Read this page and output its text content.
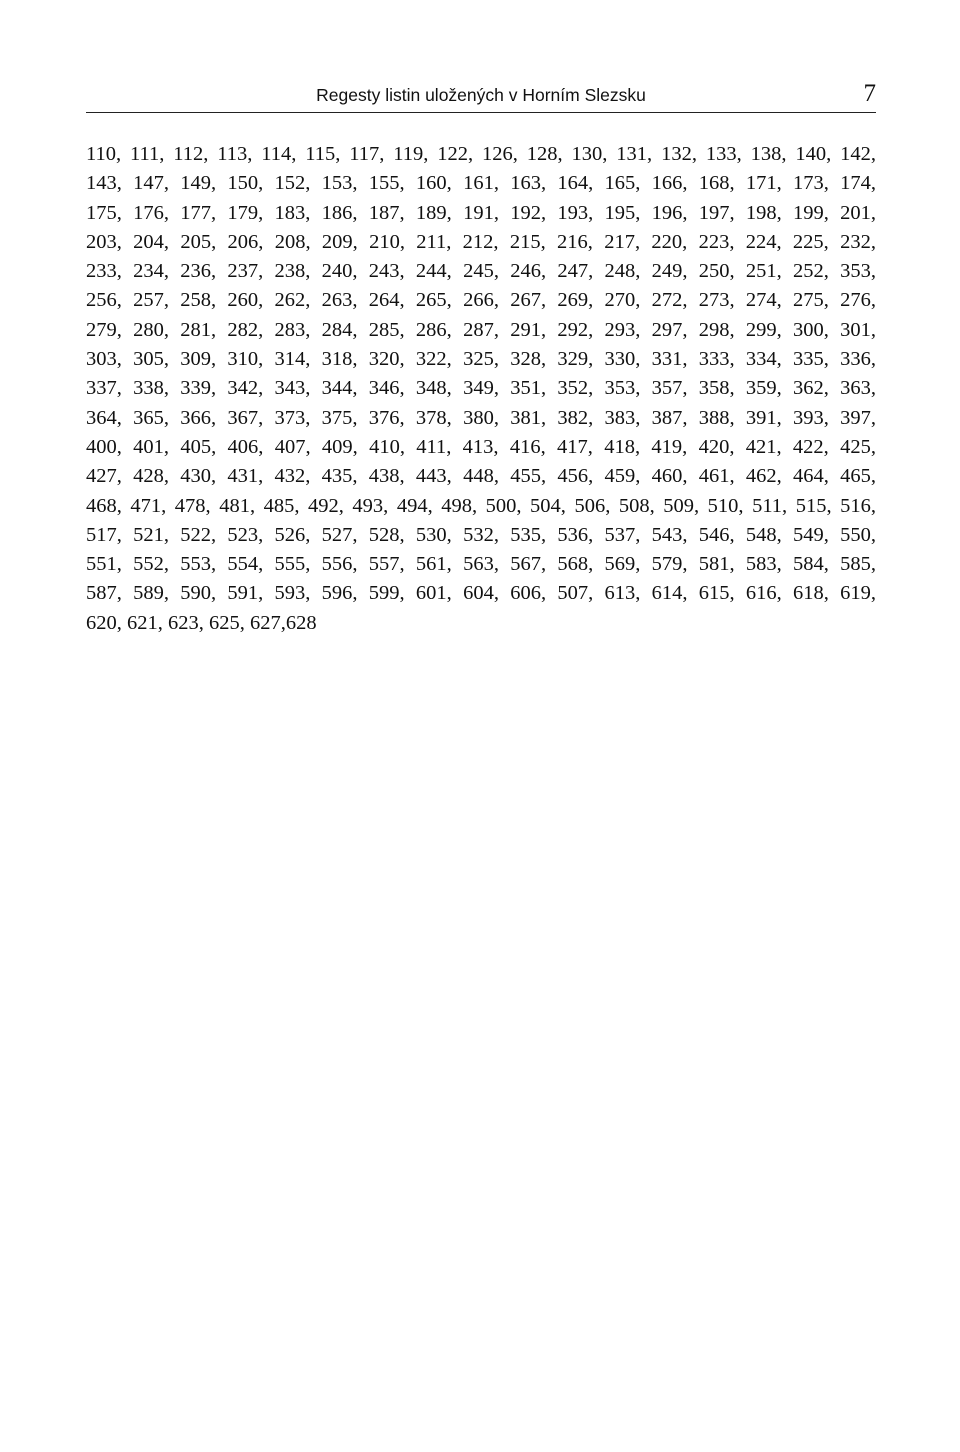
Regesty listin uložených v Horním Slezsku	7
110, 111, 112, 113, 114, 115, 117, 119, 122, 126, 128, 130, 131, 132, 133, 138, 140, 142,
143, 147, 149, 150, 152, 153, 155, 160, 161, 163, 164, 165, 166, 168, 171, 173, 174,
175, 176, 177, 179, 183, 186, 187, 189, 191, 192, 193, 195, 196, 197, 198, 199, 201,
203, 204, 205, 206, 208, 209, 210, 211, 212, 215, 216, 217, 220, 223, 224, 225, 232,
233, 234, 236, 237, 238, 240, 243, 244, 245, 246, 247, 248, 249, 250, 251, 252, 353,
256, 257, 258, 260, 262, 263, 264, 265, 266, 267, 269, 270, 272, 273, 274, 275, 276,
279, 280, 281, 282, 283, 284, 285, 286, 287, 291, 292, 293, 297, 298, 299, 300, 301,
303, 305, 309, 310, 314, 318, 320, 322, 325, 328, 329, 330, 331, 333, 334, 335, 336,
337, 338, 339, 342, 343, 344, 346, 348, 349, 351, 352, 353, 357, 358, 359, 362, 363,
364, 365, 366, 367, 373, 375, 376, 378, 380, 381, 382, 383, 387, 388, 391, 393, 397,
400, 401, 405, 406, 407, 409, 410, 411, 413, 416, 417, 418, 419, 420, 421, 422, 425,
427, 428, 430, 431, 432, 435, 438, 443, 448, 455, 456, 459, 460, 461, 462, 464, 465,
468, 471, 478, 481, 485, 492, 493, 494, 498, 500, 504, 506, 508, 509, 510, 511, 515, 516,
517, 521, 522, 523, 526, 527, 528, 530, 532, 535, 536, 537, 543, 546, 548, 549, 550,
551, 552, 553, 554, 555, 556, 557, 561, 563, 567, 568, 569, 579, 581, 583, 584, 585,
587, 589, 590, 591, 593, 596, 599, 601, 604, 606, 507, 613, 614, 615, 616, 618, 619,
620, 621, 623, 625, 627,628
